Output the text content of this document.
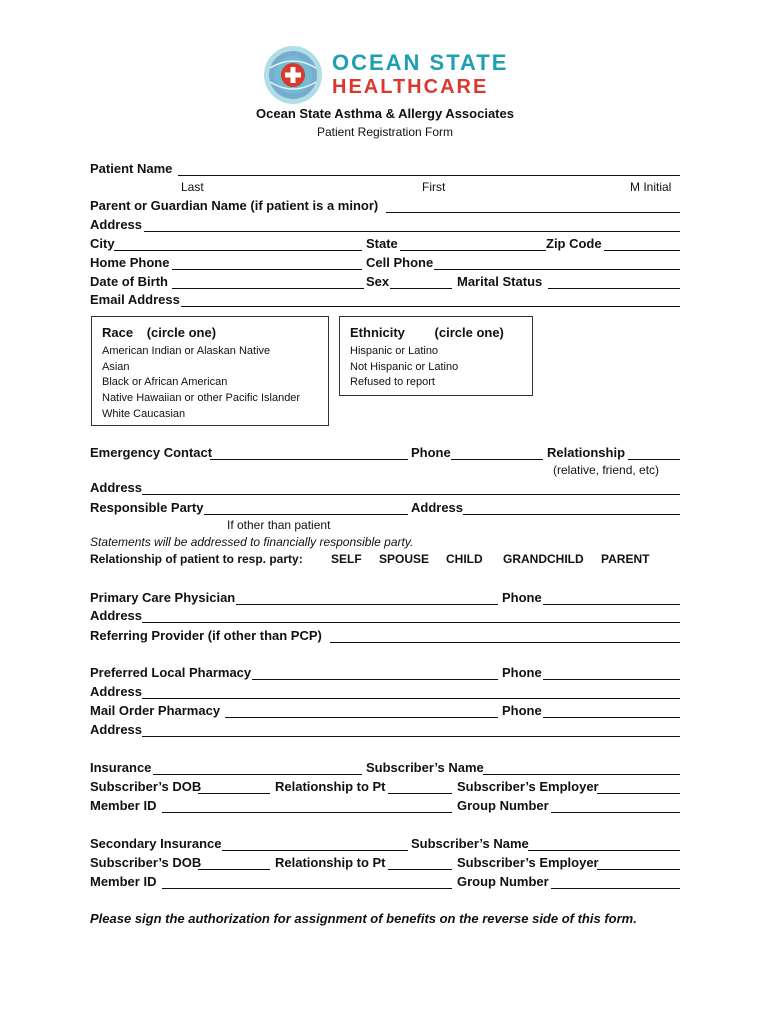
OCEAN STATE
HEALTHCARE
Ocean State Asthma & Allergy Associates
Patient Registration Form
Patient Name
Last	First	M Initial
Parent or Guardian Name (if patient is a minor)
Address
City	State	Zip Code
Home Phone	Cell Phone
Date of Birth	Sex	Marital Status
Email Address
Race (circle one)
American Indian or Alaskan Native
Asian
Black or African American
Native Hawaiian or other Pacific Islander
White Caucasian
Ethnicity (circle one)
Hispanic or Latino
Not Hispanic or Latino
Refused to report
Emergency Contact	Phone	Relationship
(relative, friend, etc)
Address
Responsible Party	Address
If other than patient
Statements will be addressed to financially responsible party.
Relationship of patient to resp. party: SELF SPOUSE CHILD GRANDCHILD PARENT
Primary Care Physician	Phone
Address
Referring Provider (if other than PCP)
Preferred Local Pharmacy	Phone
Address
Mail Order Pharmacy	Phone
Address
Insurance	Subscriber’s Name
Subscriber’s DOB	Relationship to Pt	Subscriber’s Employer
Member ID	Group Number
Secondary Insurance	Subscriber’s Name
Subscriber’s DOB	Relationship to Pt	Subscriber’s Employer
Member ID	Group Number
Please sign the authorization for assignment of benefits on the reverse side of this form.
